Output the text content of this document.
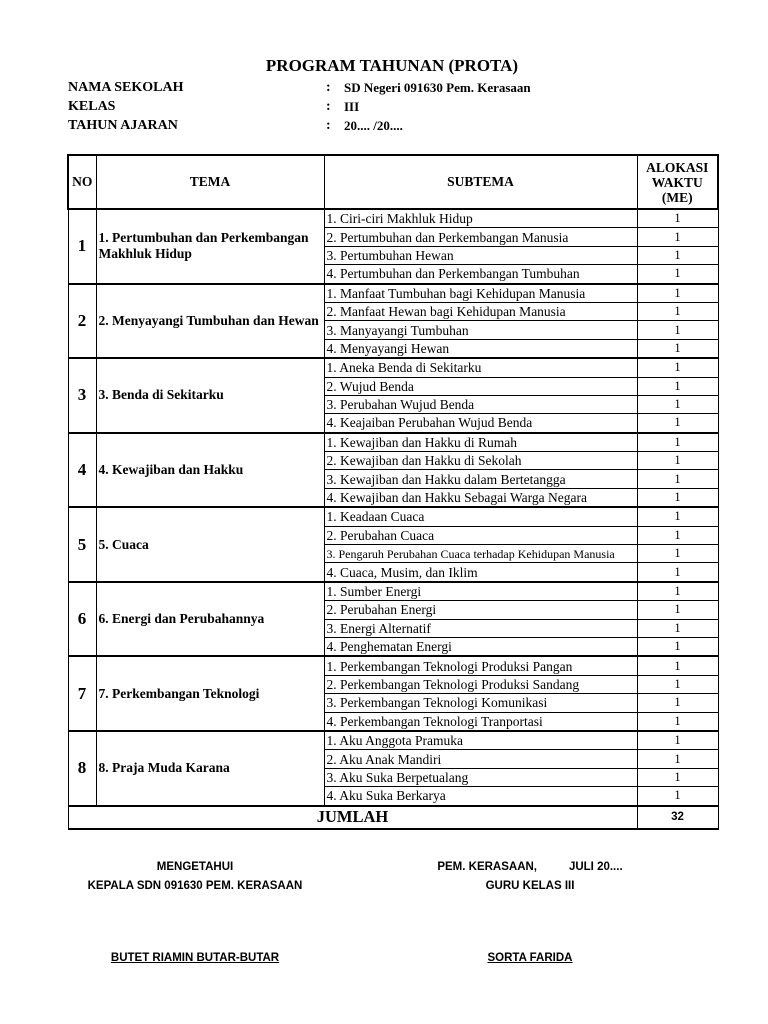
PROGRAM TAHUNAN (PROTA)
NAMA SEKOLAH	: SD Negeri 091630 Pem. Kerasaan
KELAS	: III
TAHUN AJARAN	: 20.... /20....
NO	TEMA	SUBTEMA	ALOKASI
WAKTU
(ME)

1	1. Pertumbuhan dan Perkembangan Makhluk Hidup	1. Ciri-ciri Makhluk Hidup	1
		2. Pertumbuhan dan Perkembangan Manusia	1
		3. Pertumbuhan Hewan	1
		4. Pertumbuhan dan Perkembangan Tumbuhan	1
2	2. Menyayangi Tumbuhan dan Hewan	1. Manfaat Tumbuhan bagi Kehidupan Manusia	1
		2. Manfaat Hewan bagi Kehidupan Manusia	1
		3. Manyayangi Tumbuhan	1
		4. Menyayangi Hewan	1
3	3. Benda di Sekitarku	1. Aneka Benda di Sekitarku	1
		2. Wujud Benda	1
		3. Perubahan Wujud Benda	1
		4. Keajaiban Perubahan Wujud Benda	1
4	4. Kewajiban dan Hakku	1. Kewajiban dan Hakku di Rumah	1
		2. Kewajiban dan Hakku di Sekolah	1
		3. Kewajiban dan Hakku dalam Bertetangga	1
		4. Kewajiban dan Hakku Sebagai Warga Negara	1
5	5. Cuaca	1. Keadaan Cuaca	1
		2. Perubahan Cuaca	1
		3. Pengaruh Perubahan Cuaca terhadap Kehidupan Manusia	1
		4. Cuaca, Musim, dan Iklim	1
6	6. Energi dan Perubahannya	1. Sumber Energi	1
		2. Perubahan Energi	1
		3. Energi Alternatif	1
		4. Penghematan Energi	1
7	7. Perkembangan Teknologi	1. Perkembangan Teknologi Produksi Pangan	1
		2. Perkembangan Teknologi Produksi Sandang	1
		3. Perkembangan Teknologi Komunikasi	1
		4. Perkembangan Teknologi Tranportasi	1
8	8. Praja Muda Karana	1. Aku Anggota Pramuka	1
		2. Aku Anak Mandiri	1
		3. Aku Suka Berpetualang	1
		4. Aku Suka Berkarya	1
JUMLAH			32
MENGETAHUI
KEPALA SDN 091630 PEM. KERASAAN
BUTET RIAMIN BUTAR-BUTAR
PEM. KERASAAN,          JULI 20....
GURU KELAS III
SORTA FARIDA
